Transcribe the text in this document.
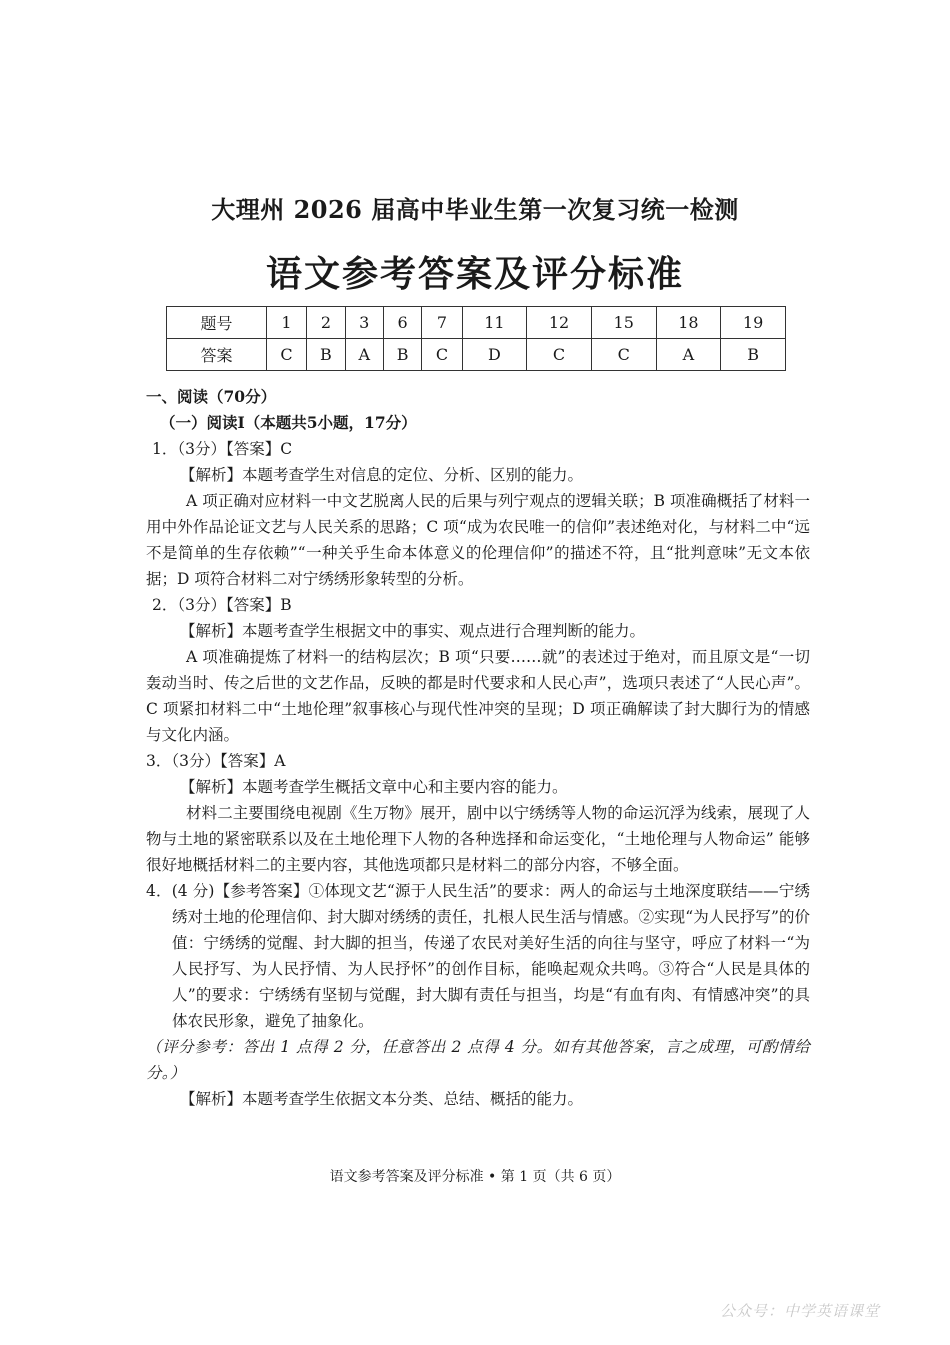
大理州 2026 届高中毕业生第一次复习统一检测
语文参考答案及评分标准
题号	1	2	3	6	7	11	12	15	18	19
答案	C	B	A	B	C	D	C	C	A	B

一、阅读（70分）

（一）阅读Ⅰ（本题共5小题，17分）

1．（3分）【答案】C

【解析】本题考查学生对信息的定位、分析、区别的能力。

A 项正确对应材料一中文艺脱离人民的后果与列宁观点的逻辑关联；B 项准确概括了材料一用中外作品论证文艺与人民关系的思路；C 项“成为农民唯一的信仰”表述绝对化，与材料二中“远不是简单的生存依赖”“一种关乎生命本体意义的伦理信仰”的描述不符，且“批判意味”无文本依据；D 项符合材料二对宁绣绣形象转型的分析。

2．（3分）【答案】B

【解析】本题考查学生根据文中的事实、观点进行合理判断的能力。

A 项准确提炼了材料一的结构层次；B 项“只要……就”的表述过于绝对，而且原文是“一切轰动当时、传之后世的文艺作品，反映的都是时代要求和人民心声”，选项只表述了“人民心声”。C 项紧扣材料二中“土地伦理”叙事核心与现代性冲突的呈现；D 项正确解读了封大脚行为的情感与文化内涵。

3．（3分）【答案】A

【解析】本题考查学生概括文章中心和主要内容的能力。

材料二主要围绕电视剧《生万物》展开，剧中以宁绣绣等人物的命运沉浮为线索，展现了人物与土地的紧密联系以及在土地伦理下人物的各种选择和命运变化，“土地伦理与人物命运” 能够很好地概括材料二的主要内容，其他选项都只是材料二的部分内容，不够全面。

4．(4 分)【参考答案】①体现文艺“源于人民生活”的要求：两人的命运与土地深度联结——宁绣绣对土地的伦理信仰、封大脚对绣绣的责任，扎根人民生活与情感。②实现“为人民抒写”的价值：宁绣绣的觉醒、封大脚的担当，传递了农民对美好生活的向往与坚守，呼应了材料一“为人民抒写、为人民抒情、为人民抒怀”的创作目标，能唤起观众共鸣。③符合“人民是具体的人”的要求：宁绣绣有坚韧与觉醒，封大脚有责任与担当，均是“有血有肉、有情感冲突”的具体农民形象，避免了抽象化。

（评分参考：答出 1 点得 2 分，任意答出 2 点得 4 分。如有其他答案，言之成理，可酌情给分。）

【解析】本题考查学生依据文本分类、总结、概括的能力。

语文参考答案及评分标准 • 第 1 页（共 6 页）
公众号：中学英语课堂
